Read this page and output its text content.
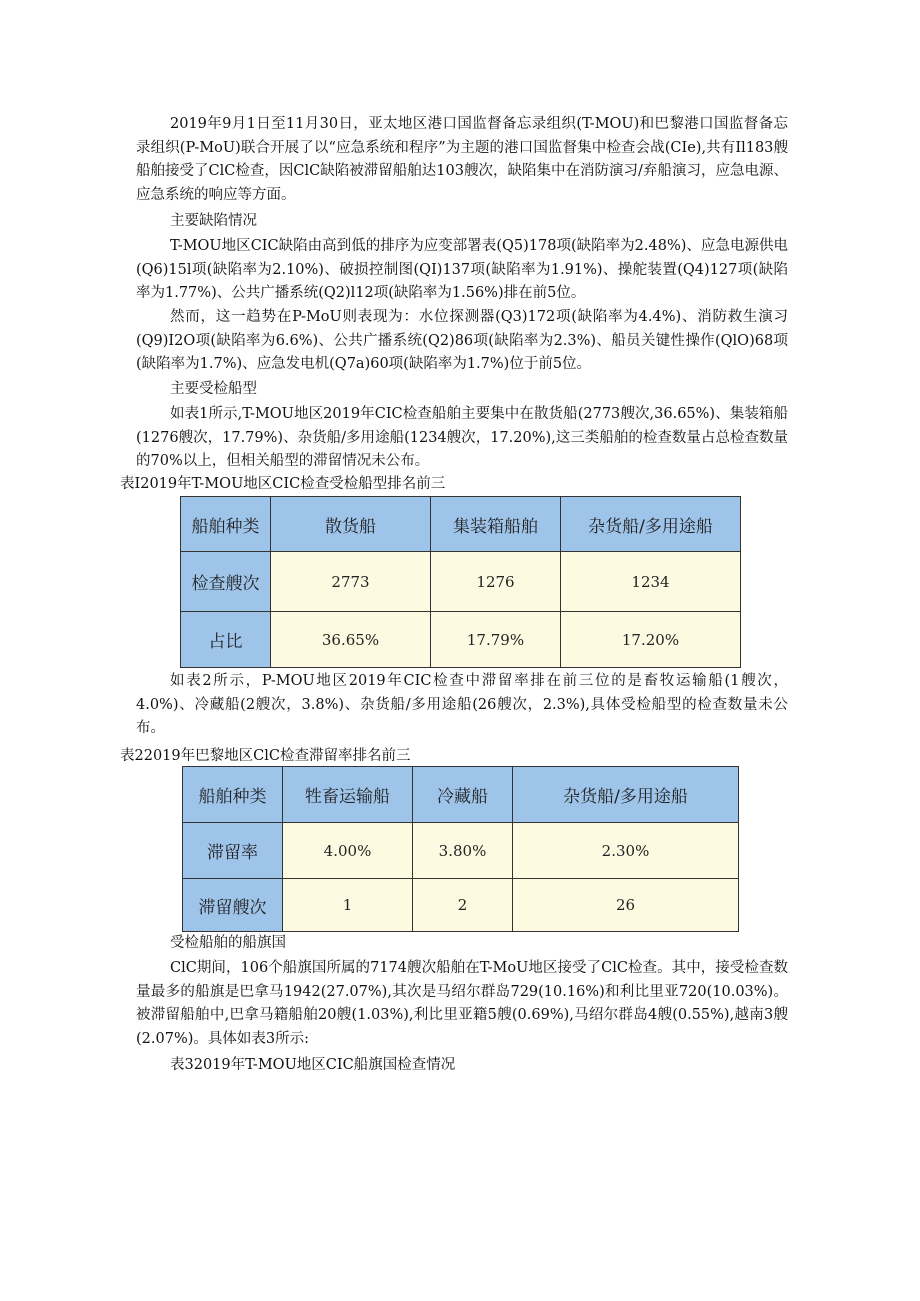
2019年9月1日至11月30日，亚太地区港口国监督备忘录组织(T-MOU)和巴黎港口国监督备忘录组织(P-MoU)联合开展了以“应急系统和程序”为主题的港口国监督集中检查会战(CIe),共有Il183艘船舶接受了ClC检查，因ClC缺陷被滞留船舶达103艘次，缺陷集中在消防演习/弃船演习，应急电源、应急系统的响应等方面。

主要缺陷情况

T-MOU地区CIC缺陷由高到低的排序为应变部署表(Q5)178项(缺陷率为2.48%)、应急电源供电(Q6)15l项(缺陷率为2.10%)、破损控制图(QI)137项(缺陷率为1.91%)、操舵装置(Q4)127项(缺陷率为1.77%)、公共广播系统(Q2)l12项(缺陷率为1.56%)排在前5位。

然而，这一趋势在P-MoU则表现为：水位探测器(Q3)172项(缺陷率为4.4%)、消防救生演习(Q9)I2O项(缺陷率为6.6%)、公共广播系统(Q2)86项(缺陷率为2.3%)、船员关键性操作(QlO)68项(缺陷率为1.7%)、应急发电机(Q7a)60项(缺陷率为1.7%)位于前5位。

主要受检船型

如表1所示,T-MOU地区2019年CIC检查船舶主要集中在散货船(2773艘次,36.65%)、集装箱船(1276艘次，17.79%)、杂货船/多用途船(1234艘次，17.20%),这三类船舶的检查数量占总检查数量的70%以上，但相关船型的滞留情况未公布。

表I2019年T-MOU地区CIC检查受检船型排名前三

船舶种类	散货船	集装箱船舶	杂货船/多用途船
检查艘次	2773	1276	1234
占比	36.65%	17.79%	17.20%

如表2所示，P-MOU地区2019年CIC检查中滞留率排在前三位的是畜牧运输船(1艘次，4.0%)、冷藏船(2艘次，3.8%)、杂货船/多用途船(26艘次，2.3%),具体受检船型的检查数量未公布。

表22019年巴黎地区ClC检查滞留率排名前三

船舶种类	牲畜运输船	冷藏船	杂货船/多用途船
滞留率	4.00%	3.80%	2.30%
滞留艘次	1	2	26

受检船舶的船旗国

ClC期间，106个船旗国所属的7174艘次船舶在T-MoU地区接受了ClC检查。其中，接受检查数量最多的船旗是巴拿马1942(27.07%),其次是马绍尔群岛729(10.16%)和利比里亚720(10.03%)。被滞留船舶中,巴拿马籍船舶20艘(1.03%),利比里亚籍5艘(0.69%),马绍尔群岛4艘(0.55%),越南3艘(2.07%)。具体如表3所示:

表32019年T-MOU地区CIC船旗国检查情况
